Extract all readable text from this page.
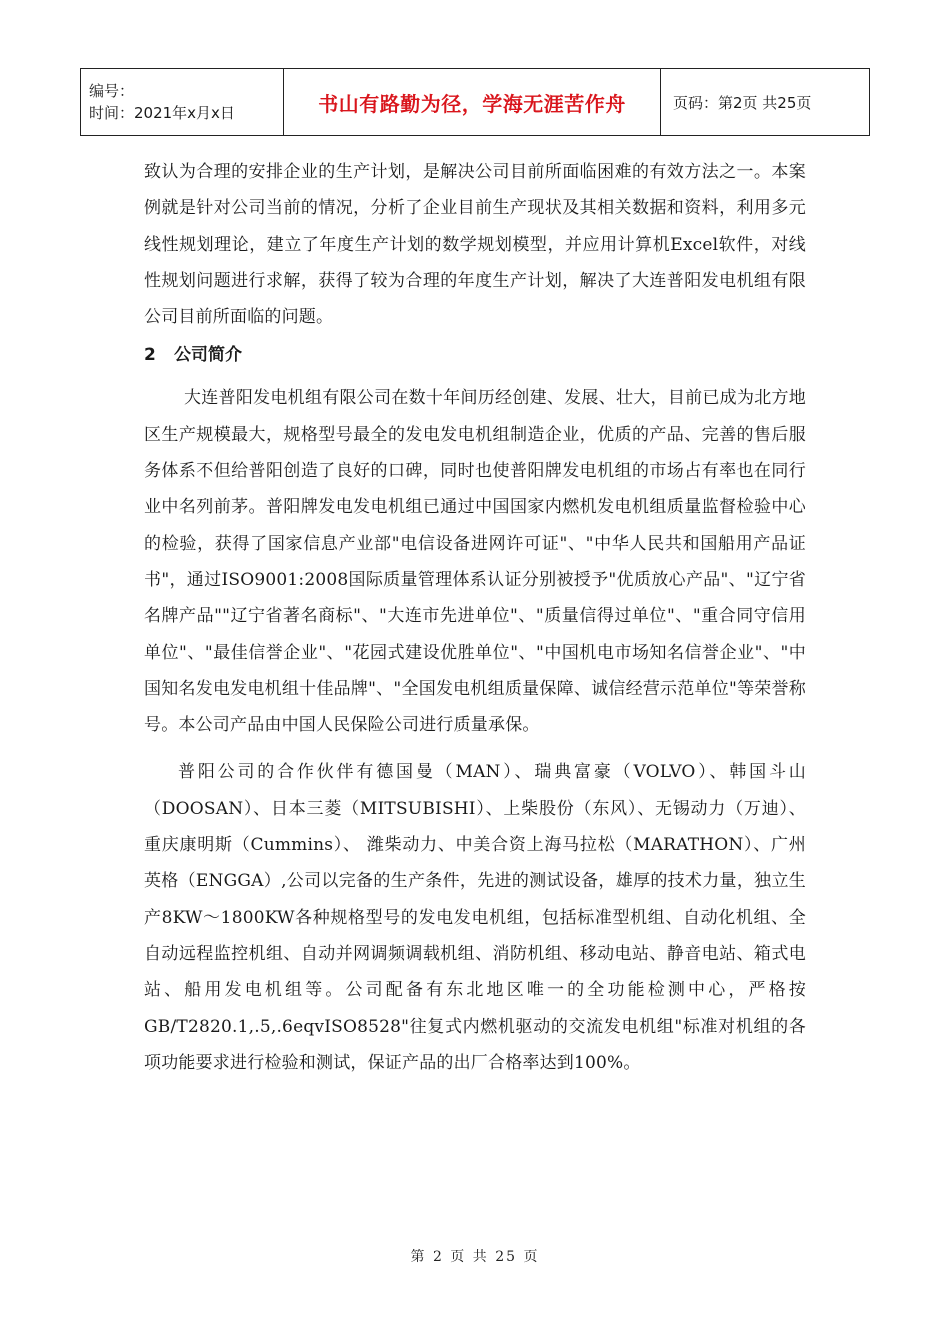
编号：
时间：2021年x月x日	书山有路勤为径，学海无涯苦作舟	页码：第2页 共25页

致认为合理的安排企业的生产计划，是解决公司目前所面临困难的有效方法之一。本案例就是针对公司当前的情况，分析了企业目前生产现状及其相关数据和资料，利用多元线性规划理论，建立了年度生产计划的数学规划模型，并应用计算机Excel软件，对线性规划问题进行求解，获得了较为合理的年度生产计划，解决了大连普阳发电机组有限公司目前所面临的问题。

2 公司简介

大连普阳发电机组有限公司在数十年间历经创建、发展、壮大，目前已成为北方地区生产规模最大，规格型号最全的发电发电机组制造企业，优质的产品、完善的售后服务体系不但给普阳创造了良好的口碑，同时也使普阳牌发电机组的市场占有率也在同行业中名列前茅。普阳牌发电发电机组已通过中国国家内燃机发电机组质量监督检验中心的检验，获得了国家信息产业部"电信设备进网许可证"、"中华人民共和国船用产品证书"，通过ISO9001:2008国际质量管理体系认证分别被授予"优质放心产品"、"辽宁省名牌产品""辽宁省著名商标"、"大连市先进单位"、"质量信得过单位"、"重合同守信用单位"、"最佳信誉企业"、"花园式建设优胜单位"、"中国机电市场知名信誉企业"、"中国知名发电发电机组十佳品牌"、"全国发电机组质量保障、诚信经营示范单位"等荣誉称号。本公司产品由中国人民保险公司进行质量承保。

普阳公司的合作伙伴有德国曼（MAN）、瑞典富豪（VOLVO）、韩国斗山（DOOSAN）、日本三菱（MITSUBISHI）、上柴股份（东风）、无锡动力（万迪）、重庆康明斯（Cummins）、 潍柴动力、中美合资上海马拉松（MARATHON）、广州英格（ENGGA）,公司以完备的生产条件，先进的测试设备，雄厚的技术力量，独立生产8KW～1800KW各种规格型号的发电发电机组，包括标准型机组、自动化机组、全自动远程监控机组、自动并网调频调载机组、消防机组、移动电站、静音电站、箱式电站、船用发电机组等。公司配备有东北地区唯一的全功能检测中心，严格按GB/T2820.1,.5,.6eqvISO8528"往复式内燃机驱动的交流发电机组"标准对机组的各项功能要求进行检验和测试，保证产品的出厂合格率达到100%。

第 2 页 共 25 页
